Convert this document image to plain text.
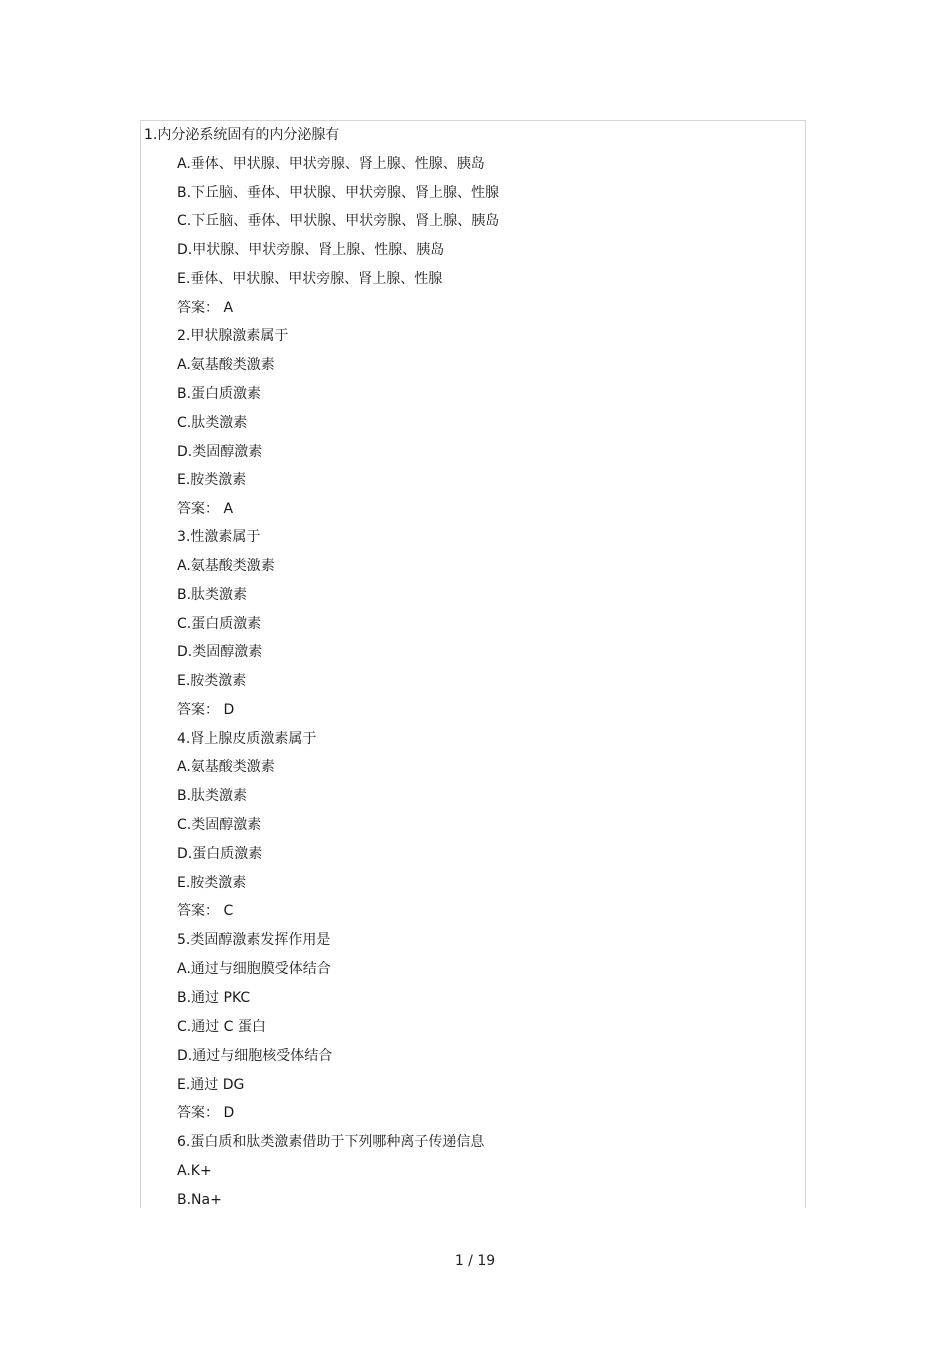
1.内分泌系统固有的内分泌腺有
A.垂体、甲状腺、甲状旁腺、肾上腺、性腺、胰岛
B.下丘脑、垂体、甲状腺、甲状旁腺、肾上腺、性腺
C.下丘脑、垂体、甲状腺、甲状旁腺、肾上腺、胰岛
D.甲状腺、甲状旁腺、肾上腺、性腺、胰岛
E.垂体、甲状腺、甲状旁腺、肾上腺、性腺
答案： A
2.甲状腺激素属于
A.氨基酸类激素
B.蛋白质激素
C.肽类激素
D.类固醇激素
E.胺类激素
答案： A
3.性激素属于
A.氨基酸类激素
B.肽类激素
C.蛋白质激素
D.类固醇激素
E.胺类激素
答案： D
4.肾上腺皮质激素属于
A.氨基酸类激素
B.肽类激素
C.类固醇激素
D.蛋白质激素
E.胺类激素
答案： C
5.类固醇激素发挥作用是
A.通过与细胞膜受体结合
B.通过 PKC
C.通过 C 蛋白
D.通过与细胞核受体结合
E.通过 DG
答案： D
6.蛋白质和肽类激素借助于下列哪种离子传递信息
A.K+
B.Na+
1 / 19
